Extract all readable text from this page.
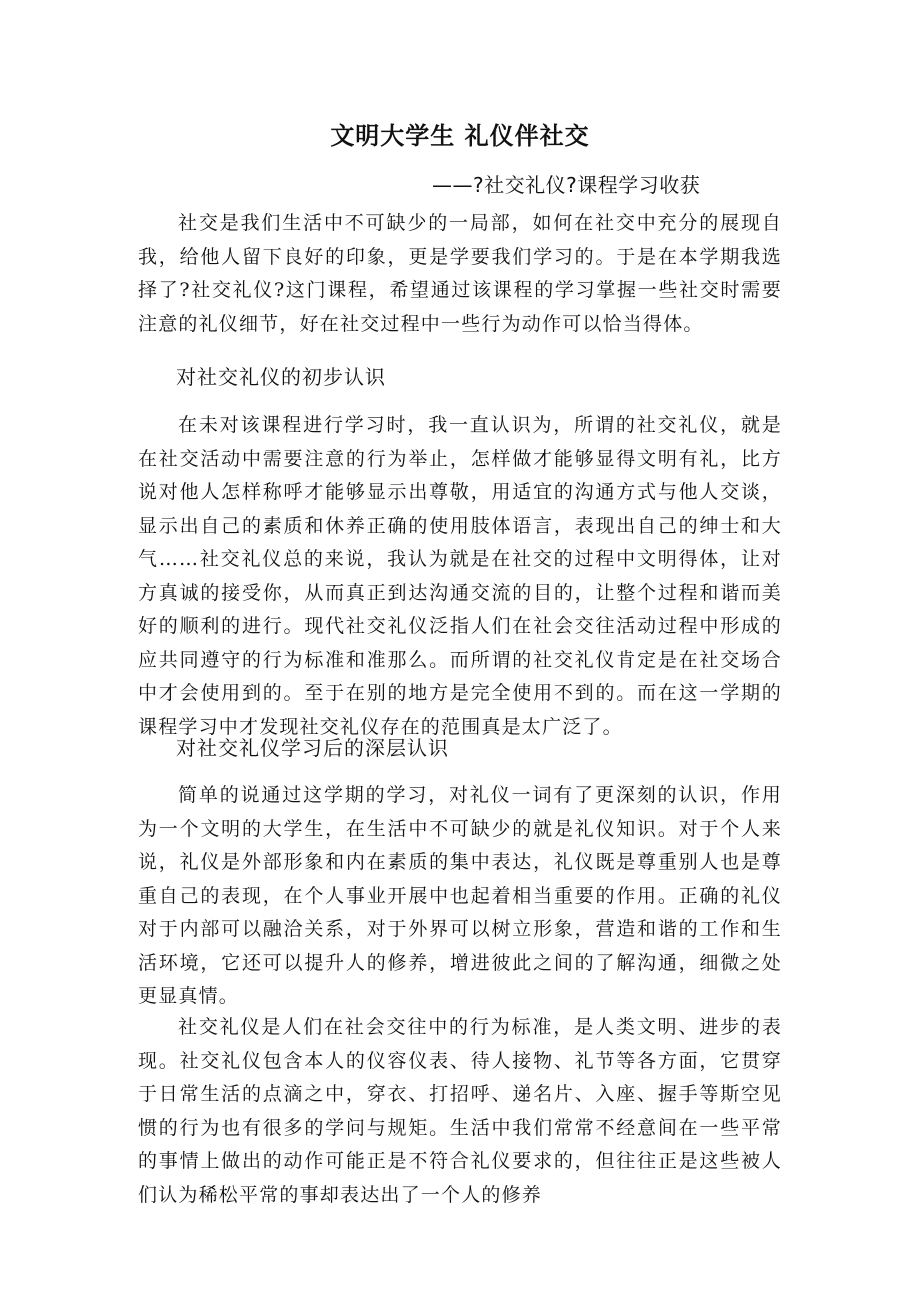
文明大学生 礼仪伴社交
——?社交礼仪?课程学习收获
社交是我们生活中不可缺少的一局部，如何在社交中充分的展现自我，给他人留下良好的印象，更是学要我们学习的。于是在本学期我选择了?社交礼仪?这门课程，希望通过该课程的学习掌握一些社交时需要注意的礼仪细节，好在社交过程中一些行为动作可以恰当得体。
对社交礼仪的初步认识
在未对该课程进行学习时，我一直认识为，所谓的社交礼仪，就是在社交活动中需要注意的行为举止，怎样做才能够显得文明有礼，比方说对他人怎样称呼才能够显示出尊敬，用适宜的沟通方式与他人交谈，显示出自己的素质和休养正确的使用肢体语言，表现出自己的绅士和大气……社交礼仪总的来说，我认为就是在社交的过程中文明得体，让对方真诚的接受你，从而真正到达沟通交流的目的，让整个过程和谐而美好的顺利的进行。现代社交礼仪泛指人们在社会交往活动过程中形成的应共同遵守的行为标准和准那么。而所谓的社交礼仪肯定是在社交场合中才会使用到的。至于在别的地方是完全使用不到的。而在这一学期的课程学习中才发现社交礼仪存在的范围真是太广泛了。
对社交礼仪学习后的深层认识
简单的说通过这学期的学习，对礼仪一词有了更深刻的认识，作用为一个文明的大学生，在生活中不可缺少的就是礼仪知识。对于个人来说，礼仪是外部形象和内在素质的集中表达，礼仪既是尊重别人也是尊重自己的表现，在个人事业开展中也起着相当重要的作用。正确的礼仪对于内部可以融洽关系，对于外界可以树立形象，营造和谐的工作和生活环境，它还可以提升人的修养，增进彼此之间的了解沟通，细微之处更显真情。
社交礼仪是人们在社会交往中的行为标准，是人类文明、进步的表现。社交礼仪包含本人的仪容仪表、待人接物、礼节等各方面，它贯穿于日常生活的点滴之中，穿衣、打招呼、递名片、入座、握手等斯空见惯的行为也有很多的学问与规矩。生活中我们常常不经意间在一些平常的事情上做出的动作可能正是不符合礼仪要求的，但往往正是这些被人们认为稀松平常的事却表达出了一个人的修养
